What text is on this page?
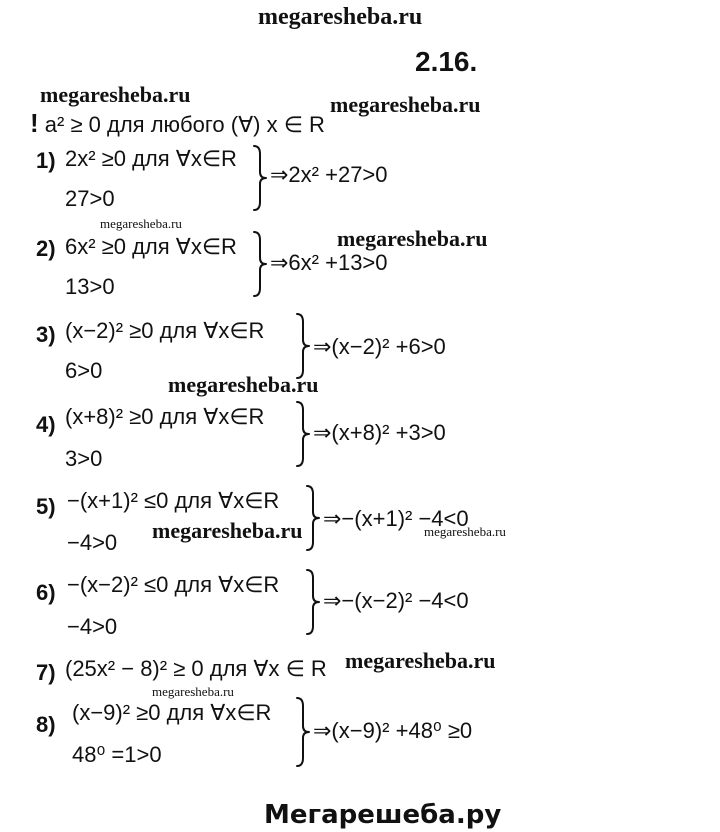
megaresheba.ru
2.16.
megaresheba.ru	megaresheba.ru
megaresheba.ru
megaresheba.ru
megaresheba.ru
megaresheba.ru	megaresheba.ru
megaresheba.ru
megaresheba.ru
! a² ≥ 0 для любого (∀) x ∈ R
1) 2x² ≥0 для ∀x∈R
27>0
⇒2x² +27>0
2) 6x² ≥0 для ∀x∈R
13>0
⇒6x² +13>0
3) (x−2)² ≥0 для ∀x∈R
6>0
⇒(x−2)² +6>0
4) (x+8)² ≥0 для ∀x∈R
3>0
⇒(x+8)² +3>0
5) −(x+1)² ≤0 для ∀x∈R
−4>0
⇒−(x+1)² −4<0
6) −(x−2)² ≤0 для ∀x∈R
−4>0
⇒−(x−2)² −4<0
7) (25x² − 8)² ≥ 0 для ∀x ∈ R
8) (x−9)² ≥0 для ∀x∈R
48⁰ =1>0
⇒(x−9)² +48⁰ ≥0
Мегарешеба.ру
